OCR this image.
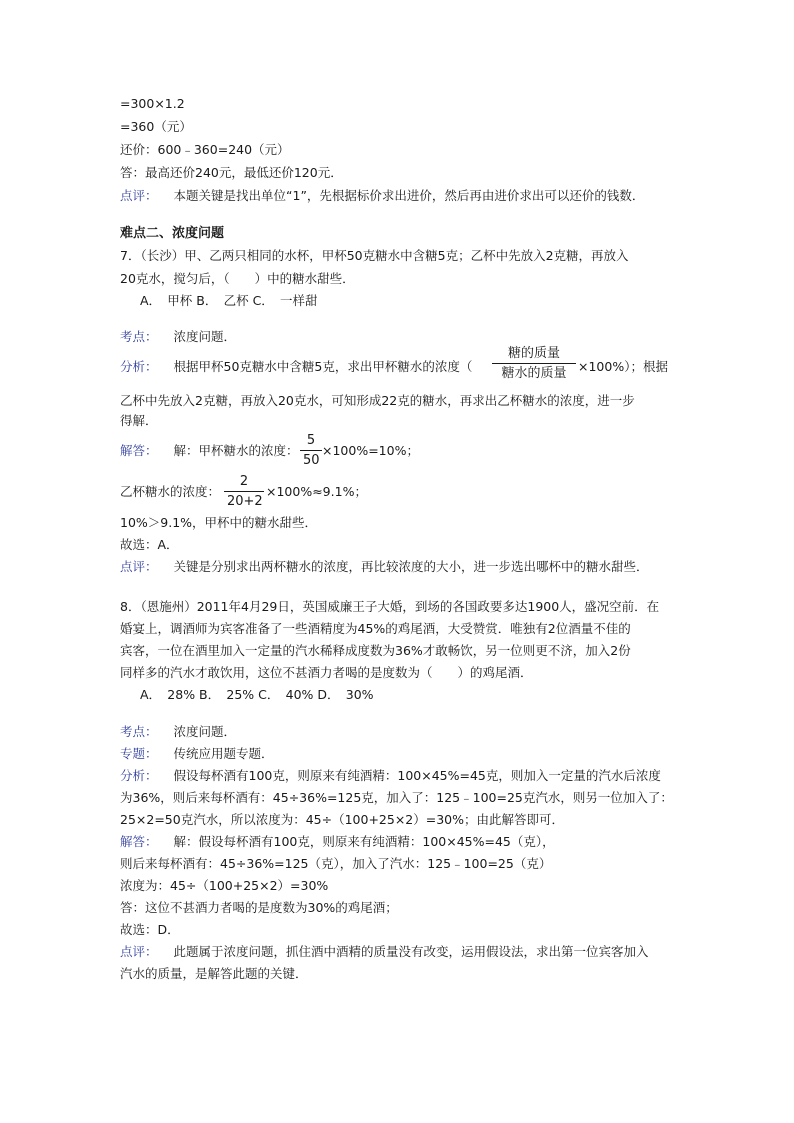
=300×1.2
=360（元）
还价：600﹣360=240（元）
答：最高还价240元，最低还价120元．
点评： 本题关键是找出单位“1”，先根据标价求出进价，然后再由进价求出可以还价的钱数．
难点二、浓度问题
7．（长沙）甲、乙两只相同的水杯，甲杯50克糖水中含糖5克；乙杯中先放入2克糖，再放入
20克水，搅匀后，（　　）中的糖水甜些．
A．　甲杯 B．　乙杯 C．　一样甜
考点： 浓度问题．
分析： 根据甲杯50克糖水中含糖5克，求出甲杯糖水的浓度（
糖的质量
糖水的质量 ×100%）；根据
乙杯中先放入2克糖，再放入20克水，可知形成22克的糖水，再求出乙杯糖水的浓度，进一步
得解．
解答： 解：甲杯糖水的浓度：
5
50
×100%=10%；
乙杯糖水的浓度：
2
20+2
×100%≈9.1%；
10%＞9.1%，甲杯中的糖水甜些．
故选：A．
点评： 关键是分别求出两杯糖水的浓度，再比较浓度的大小，进一步选出哪杯中的糖水甜些．
8．（恩施州）2011年4月29日，英国威廉王子大婚，到场的各国政要多达1900人，盛况空前．在
婚宴上，调酒师为宾客准备了一些酒精度为45%的鸡尾酒，大受赞赏．唯独有2位酒量不佳的
宾客，一位在酒里加入一定量的汽水稀释成度数为36%才敢畅饮，另一位则更不济，加入2份
同样多的汽水才敢饮用，这位不甚酒力者喝的是度数为（　　）的鸡尾酒．
A．　28% B．　25% C．　40% D．　30%
考点： 浓度问题．
专题： 传统应用题专题．
分析： 假设每杯酒有100克，则原来有纯酒精：100×45%=45克，则加入一定量的汽水后浓度
为36%，则后来每杯酒有：45÷36%=125克，加入了：125﹣100=25克汽水，则另一位加入了：
25×2=50克汽水，所以浓度为：45÷（100+25×2）=30%；由此解答即可．
解答： 解：假设每杯酒有100克，则原来有纯酒精：100×45%=45（克），
则后来每杯酒有：45÷36%=125（克），加入了汽水：125﹣100=25（克）
浓度为：45÷（100+25×2）=30%
答：这位不甚酒力者喝的是度数为30%的鸡尾酒；
故选：D．
点评： 此题属于浓度问题，抓住酒中酒精的质量没有改变，运用假设法，求出第一位宾客加入
汽水的质量，是解答此题的关键．
